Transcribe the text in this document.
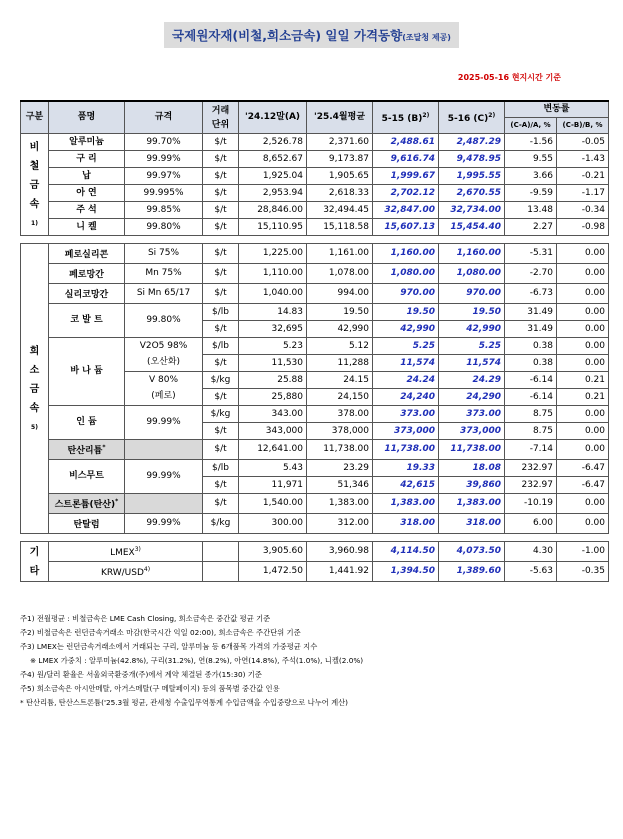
국제원자재(비철,희소금속) 일일 가격동향(조달청 제공)
2025-05-16 현지시간 기준
구분	품명	규격	거래 단위	'24.12말(A)	'25.4월평균	5-15 $(B)^{2)}$	5-16 $(C)^{2)}$	변동률	
								(C-A)/A, %	(C-B)/B, %

비 철 금 속
1)	알루미늄	99.70%	$/t	2,526.78	2,371.60	2,488.61	2,487.29	-1.56	-0.05
	구 리	99.99%	$/t	8,652.67	9,173.87	9,616.74	9,478.95	9.55	-1.43
	납	99.97%	$/t	1,925.04	1,905.65	1,999.67	1,995.55	3.66	-0.21
	아 연	99.995%	$/t	2,953.94	2,618.33	2,702.12	2,670.55	-9.59	-1.17
	주 석	99.85%	$/t	28,846.00	32,494.45	32,847.00	32,734.00	13.48	-0.34
	니 켈	99.80%	$/t	15,110.95	15,118.58	15,607.13	15,454.40	2.27	-0.98

희 소 금 속
5)	페로실리콘	Si 75%	$/t	1,225.00	1,161.00	1,160.00	1,160.00	-5.31	0.00
	페로망간	Mn 75%	$/t	1,110.00	1,078.00	1,080.00	1,080.00	-2.70	0.00
	실리코망간	Si Mn 65/17	$/t	1,040.00	994.00	970.00	970.00	-6.73	0.00
	코 발 트	99.80%	$/lb	14.83	19.50	19.50	19.50	31.49	0.00
			$/t	32,695	42,990	42,990	42,990	31.49	0.00
	바 나 듐	V2O5 98%	$/lb	5.23	5.12	5.25	5.25	0.38	0.00
		(오산화)	$/t	11,530	11,288	11,574	11,574	0.38	0.00
		V 80%	$/kg	25.88	24.15	24.24	24.29	-6.14	0.21
		(페로)	$/t	25,880	24,150	24,240	24,290	-6.14	0.21
	인 듐	99.99%	$/kg	343.00	378.00	373.00	373.00	8.75	0.00
			$/t	343,000	378,000	373,000	373,000	8.75	0.00
	탄산리튬*		$/t	12,641.00	11,738.00	11,738.00	11,738.00	-7.14	0.00
	비스무트	99.99%	$/lb	5.43	23.29	19.33	18.08	232.97	-6.47
			$/t	11,971	51,346	42,615	39,860	232.97	-6.47
	스트론튬(탄산)*		$/t	1,540.00	1,383.00	1,383.00	1,383.00	-10.19	0.00
	탄탈럼	99.99%	$/kg	300.00	312.00	318.00	318.00	6.00	0.00

기 타	LMEX$^{3)}$			3,905.60	3,960.98	4,114.50	4,073.50	4.30	-1.00
	KRW/USD$^{4)}$			1,472.50	1,441.92	1,394.50	1,389.60	-5.63	-0.35
주1) 전월평균 : 비철금속은 LME Cash Closing, 희소금속은 중간값 평균 기준
주2) 비철금속은 런던금속거래소 마감(한국시간 익일 02:00), 희소금속은 주간단위 기준
주3) LMEX는 런던금속거래소에서 거래되는 구리, 알루미늄 등 6개품목 가격의 가중평균 지수
※ LMEX 가중치 : 알루미늄(42.8%), 구리(31.2%), 연(8.2%), 아연(14.8%), 주석(1.0%), 니켈(2.0%)
주4) 원/달러 환율은 서울외국환중개(주)에서 계약 체결된 종가(15:30) 기준
주5) 희소금속은 아시안메탈, 아거스메탈(구 메탈페이지) 등의 품목별 중간값 인용
* 탄산리튬, 탄산스트론튬('25.3월 평균, 관세청 수출입무역통계 수입금액을 수입중량으로 나누어 계산)
